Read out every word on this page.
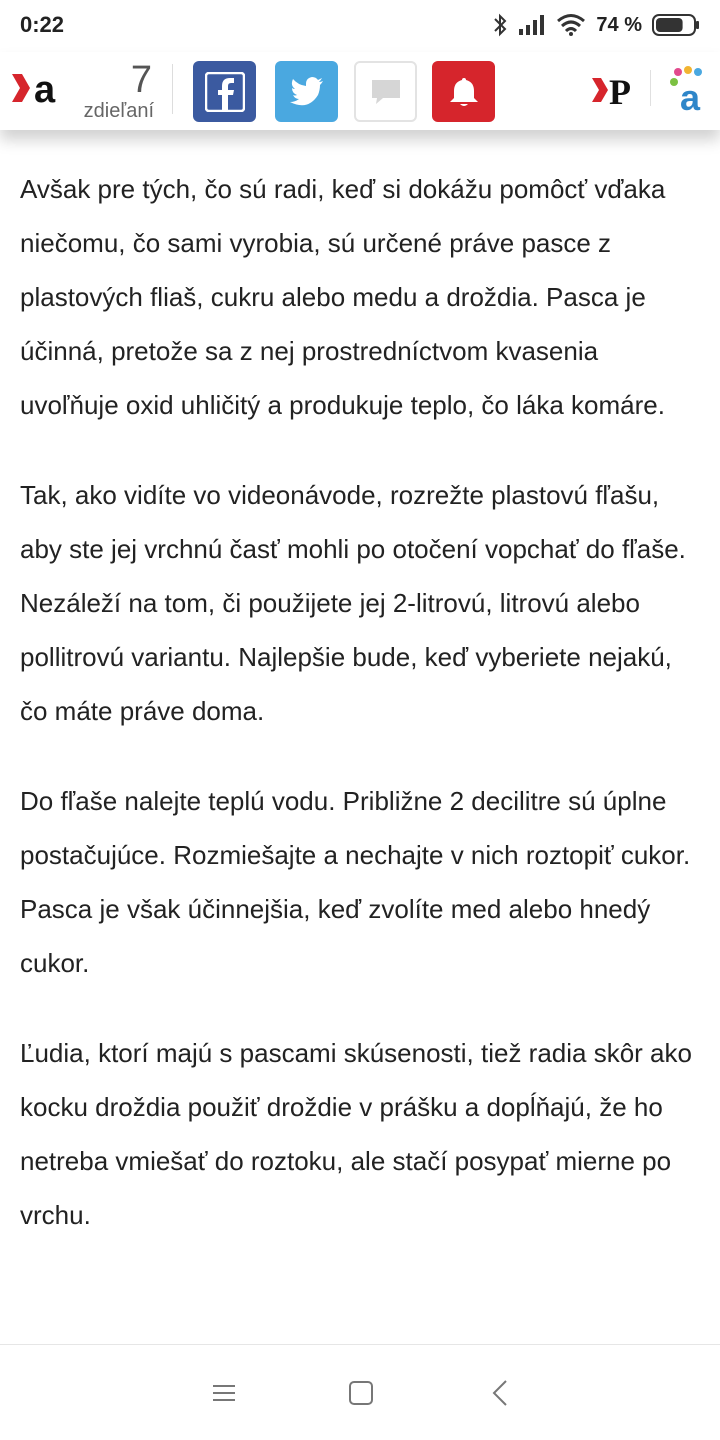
0:22	74 %
a	7
zdieľaní	P a

Avšak pre tých, čo sú radi, keď si dokážu pomôcť vďaka niečomu, čo sami vyrobia, sú určené práve pasce z plastových fliaš, cukru alebo medu a droždia. Pasca je účinná, pretože sa z nej prostredníctvom kvasenia uvoľňuje oxid uhličitý a produkuje teplo, čo láka komáre.

Tak, ako vidíte vo videonávode, rozrežte plastovú fľašu, aby ste jej vrchnú časť mohli po otočení vopchať do fľaše. Nezáleží na tom, či použijete jej 2-litrovú, litrovú alebo pollitrovú variantu. Najlepšie bude, keď vyberiete nejakú, čo máte práve doma.

Do fľaše nalejte teplú vodu. Približne 2 decilitre sú úplne postačujúce. Rozmiešajte a nechajte v nich roztopiť cukor. Pasca je však účinnejšia, keď zvolíte med alebo hnedý cukor.

Ľudia, ktorí majú s pascami skúsenosti, tiež radia skôr ako kocku droždia použiť droždie v prášku a dopĺňajú, že ho netreba vmiešať do roztoku, ale stačí posypať mierne po vrchu.
